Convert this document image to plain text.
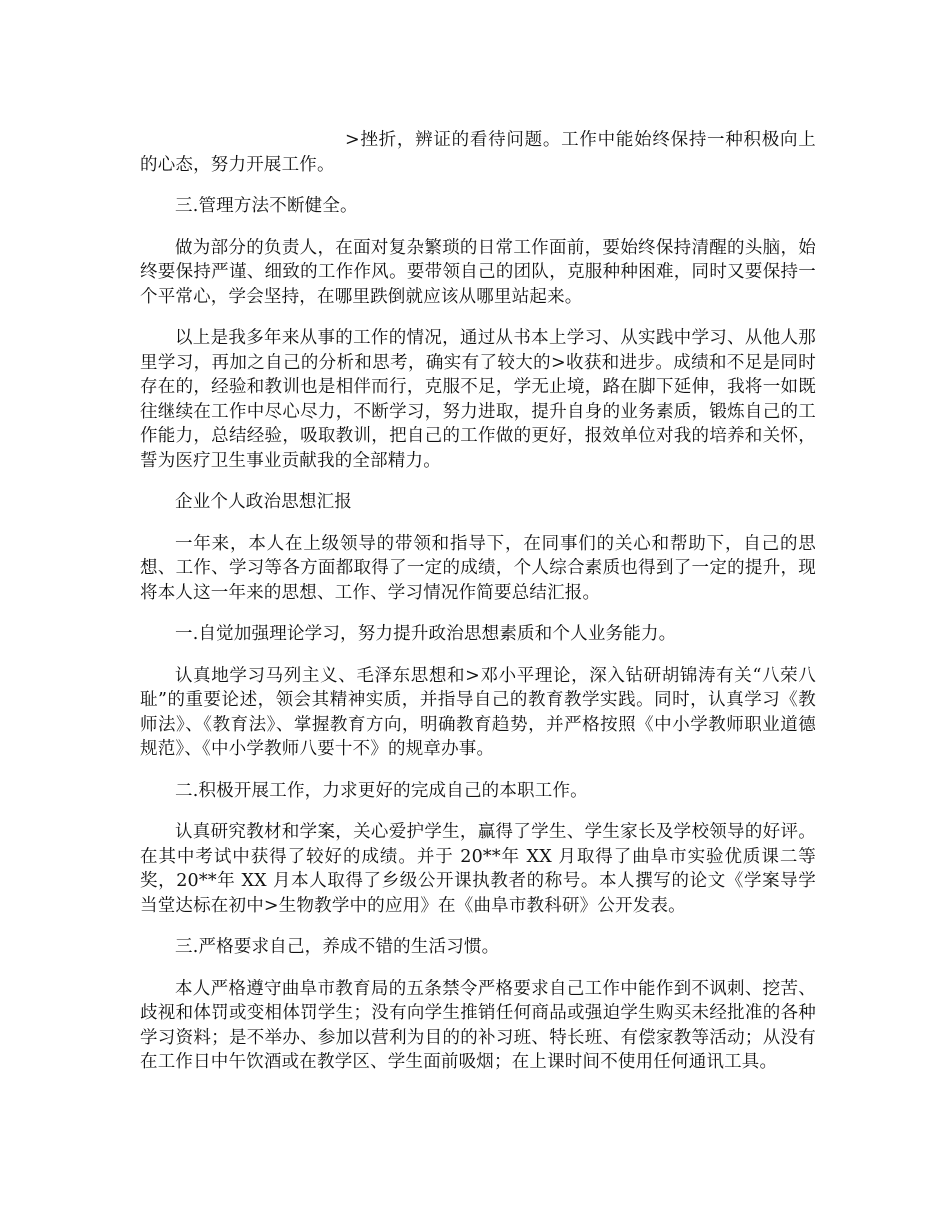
>挫折，辨证的看待问题。工作中能始终保持一种积极向上的心态，努力开展工作。

三.管理方法不断健全。

做为部分的负责人，在面对复杂繁琐的日常工作面前，要始终保持清醒的头脑，始终要保持严谨、细致的工作作风。要带领自己的团队，克服种种困难，同时又要保持一个平常心，学会坚持，在哪里跌倒就应该从哪里站起来。

以上是我多年来从事的工作的情况，通过从书本上学习、从实践中学习、从他人那 里学习，再加之自己的分析和思考，确实有了较大的>收获和进步。成绩和不足是同时存在的，经验和教训也是相伴而行，克服不足，学无止境，路在脚下延伸，我将一如既往继续在工作中尽心尽力，不断学习，努力进取，提升自身的业务素质，锻炼自己的工作能力，总结经验，吸取教训，把自己的工作做的更好，报效单位对我的培养和关怀，誓为医疗卫生事业贡献我的全部精力。

企业个人政治思想汇报

一年来，本人在上级领导的带领和指导下，在同事们的关心和帮助下，自己的思想、工作、学习等各方面都取得了一定的成绩，个人综合素质也得到了一定的提升，现将本人这一年来的思想、工作、学习情况作简要总结汇报。

一.自觉加强理论学习，努力提升政治思想素质和个人业务能力。

认真地学习马列主义、毛泽东思想和>邓小平理论，深入钻研胡锦涛有关“八荣八耻”的重要论述，领会其精神实质，并指导自己的教育教学实践。同时，认真学习《教师法》、《教育法》、掌握教育方向，明确教育趋势，并严格按照《中小学教师职业道德规范》、《中小学教师八要十不》的规章办事。

二.积极开展工作，力求更好的完成自己的本职工作。

认真研究教材和学案，关心爱护学生，赢得了学生、学生家长及学校领导的好评。在其中考试中获得了较好的成绩。并于 20**年 XX 月取得了曲阜市实验优质课二等奖，20**年 XX 月本人取得了乡级公开课执教者的称号。本人撰写的论文《学案导学当堂达标在初中>生物教学中的应用》在《曲阜市教科研》公开发表。

三.严格要求自己，养成不错的生活习惯。

本人严格遵守曲阜市教育局的五条禁令严格要求自己工作中能作到不讽刺、挖苦、歧视和体罚或变相体罚学生；没有向学生推销任何商品或强迫学生购买未经批准的各种学习资料；是不举办、参加以营利为目的的补习班、特长班、有偿家教等活动；从没有在工作日中午饮酒或在教学区、学生面前吸烟；在上课时间不使用任何通讯工具。
